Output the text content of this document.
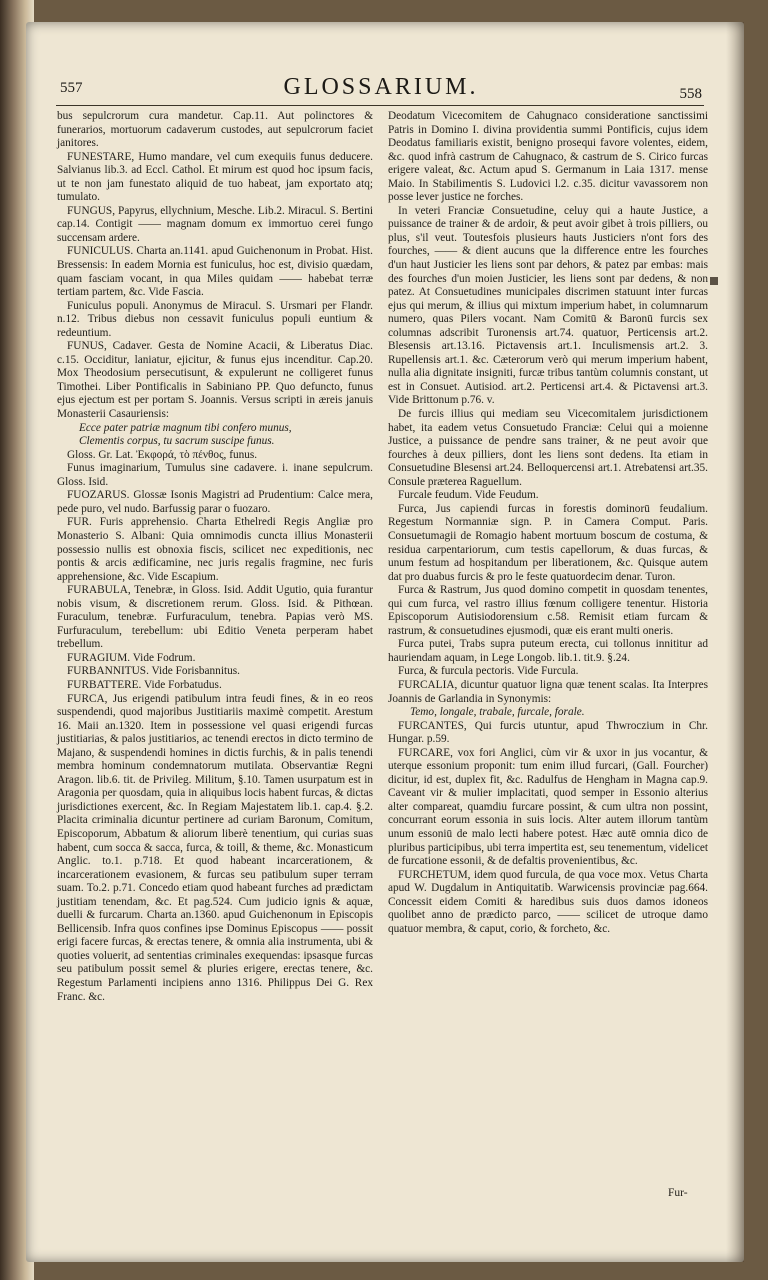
557	GLOSSARIUM.	558

bus sepulcrorum cura mandetur. Cap.11. Aut polinctores & funerarios, mortuorum cadaverum custodes, aut sepulcrorum faciet janitores.

FUNESTARE, Humo mandare, vel cum exequiis funus deducere. Salvianus lib.3. ad Eccl. Cathol. Et mirum est quod hoc ipsum facis, ut te non jam funestato aliquid de tuo habeat, jam exportato atq; tumulato.

FUNGUS, Papyrus, ellychnium, Mesche. Lib.2. Miracul. S. Bertini cap.14. Contigit —— magnam domum ex immortuo cerei fungo succensam ardere.

FUNICULUS. Charta an.1141. apud Guichenonum in Probat. Hist. Bressensis: In eadem Mornia est funiculus, hoc est, divisio quædam, quam fasciam vocant, in qua Miles quidam —— habebat terræ tertiam partem, &c. Vide Fascia.

Funiculus populi. Anonymus de Miracul. S. Ursmari per Flandr. n.12. Tribus diebus non cessavit funiculus populi euntium & redeuntium.

FUNUS, Cadaver. Gesta de Nomine Acacii, & Liberatus Diac. c.15. Occiditur, laniatur, ejicitur, & funus ejus incenditur. Cap.20. Mox Theodosium persecutisunt, & expulerunt ne colligeret funus Timothei. Liber Pontificalis in Sabiniano PP. Quo defuncto, funus ejus ejectum est per portam S. Joannis. Versus scripti in æreis januis Monasterii Casauriensis:

Ecce pater patriæ magnum tibi confero munus,

Clementis corpus, tu sacrum suscipe funus.

Gloss. Gr. Lat. Ἐκφορά, τὸ πένθος, funus.

Funus imaginarium, Tumulus sine cadavere. i. inane sepulcrum. Gloss. Isid.

FUOZARUS. Glossæ Isonis Magistri ad Prudentium: Calce mera, pede puro, vel nudo. Barfussig parar o fuozaro.

FUR. Furis apprehensio. Charta Ethelredi Regis Angliæ pro Monasterio S. Albani: Quia omnimodis cuncta illius Monasterii possessio nullis est obnoxia fiscis, scilicet nec expeditionis, nec pontis & arcis ædificamine, nec juris regalis fragmine, nec furis apprehensione, &c. Vide Escapium.

FURABULA, Tenebræ, in Gloss. Isid. Addit Ugutio, quia furantur nobis visum, & discretionem rerum. Gloss. Isid. & Pithœan. Furaculum, tenebræ. Furfuraculum, tenebra. Papias verò MS. Furfuraculum, terebellum: ubi Editio Veneta perperam habet trebellum.

FURAGIUM. Vide Fodrum.

FURBANNITUS. Vide Forisbannitus.

FURBATTERE. Vide Forbatudus.

FURCA, Jus erigendi patibulum intra feudi fines, & in eo reos suspendendi, quod majoribus Justitiariis maximè competit. Arestum 16. Maii an.1320. Item in possessione vel quasi erigendi furcas justitiarias, & palos justitiarios, ac tenendi erectos in dicto termino de Majano, & suspendendi homines in dictis furchis, & in palis tenendi membra hominum condemnatorum mutilata. Observantiæ Regni Aragon. lib.6. tit. de Privileg. Militum, §.10. Tamen usurpatum est in Aragonia per quosdam, quia in aliquibus locis habent furcas, & dictas jurisdictiones exercent, &c. In Regiam Majestatem lib.1. cap.4. §.2. Placita criminalia dicuntur pertinere ad curiam Baronum, Comitum, Episcoporum, Abbatum & aliorum liberè tenentium, qui curias suas habent, cum socca & sacca, furca, & toill, & theme, &c. Monasticum Anglic. to.1. p.718. Et quod habeant incarcerationem, & incarcerationem evasionem, & furcas seu patibulum super terram suam. To.2. p.71. Concedo etiam quod habeant furches ad prædictam justitiam tenendam, &c. Et pag.524. Cum judicio ignis & aquæ, duelli & furcarum. Charta an.1360. apud Guichenonum in Episcopis Bellicensib. Infra quos confines ipse Dominus Episcopus —— possit erigi facere furcas, & erectas tenere, & omnia alia instrumenta, ubi & quoties voluerit, ad sententias criminales exequendas: ipsasque furcas seu patibulum possit semel & pluries erigere, erectas tenere, &c. Regestum Parlamenti incipiens anno 1316. Philippus Dei G. Rex Franc. &c.

Deodatum Vicecomitem de Cahugnaco consideratione sanctissimi Patris in Domino I. divina providentia summi Pontificis, cujus idem Deodatus familiaris existit, benigno prosequi favore volentes, eidem, &c. quod infrà castrum de Cahugnaco, & castrum de S. Cirico furcas erigere valeat, &c. Actum apud S. Germanum in Laia 1317. mense Maio. In Stabilimentis S. Ludovici l.2. c.35. dicitur vavassorem non posse lever justice ne forches.

In veteri Franciæ Consuetudine, celuy qui a haute Justice, a puissance de trainer & de ardoir, & peut avoir gibet à trois pilliers, ou plus, s'il veut. Toutesfois plusieurs hauts Justiciers n'ont fors des fourches, —— & dient aucuns que la difference entre les fourches d'un haut Justicier les liens sont par dehors, & patez par embas: mais des fourches d'un moien Justicier, les liens sont par dedens, & non patez. At Consuetudines municipales discrimen statuunt inter furcas ejus qui merum, & illius qui mixtum imperium habet, in columnarum numero, quas Pilers vocant. Nam Comitū & Baronū furcis sex columnas adscribit Turonensis art.74. quatuor, Perticensis art.2. Blesensis art.13.16. Pictavensis art.1. Inculismensis art.2. 3. Rupellensis art.1. &c. Cæterorum verò qui merum imperium habent, nulla alia dignitate insigniti, furcæ tribus tantùm columnis constant, ut est in Consuet. Autisiod. art.2. Perticensi art.4. & Pictavensi art.3. Vide Brittonum p.76. v.

De furcis illius qui mediam seu Vicecomitalem jurisdictionem habet, ita eadem vetus Consuetudo Franciæ: Celui qui a moienne Justice, a puissance de pendre sans trainer, & ne peut avoir que fourches à deux pilliers, dont les liens sont dedens. Ita etiam in Consuetudine Blesensi art.24. Belloquercensi art.1. Atrebatensi art.35. Consule præterea Raguellum.

Furcale feudum. Vide Feudum.

Furca, Jus capiendi furcas in forestis dominorū feudalium. Regestum Normanniæ sign. P. in Camera Comput. Paris. Consuetumagii de Romagio habent mortuum boscum de costuma, & residua carpentariorum, cum testis capellorum, & duas furcas, & unum festum ad hospitandum per liberationem, &c. Quisque autem dat pro duabus furcis & pro le feste quatuordecim denar. Turon.

Furca & Rastrum, Jus quod domino competit in quosdam tenentes, qui cum furca, vel rastro illius fœnum colligere tenentur. Historia Episcoporum Autisiodorensium c.58. Remisit etiam furcam & rastrum, & consuetudines ejusmodi, quæ eis erant multi oneris.

Furca putei, Trabs supra puteum erecta, cui tollonus innititur ad hauriendam aquam, in Lege Longob. lib.1. tit.9. §.24.

Furca, & furcula pectoris. Vide Furcula.

FURCALIA, dicuntur quatuor ligna quæ tenent scalas. Ita Interpres Joannis de Garlandia in Synonymis:

Temo, longale, trabale, furcale, forale.

FURCANTES, Qui furcis utuntur, apud Thwroczium in Chr. Hungar. p.59.

FURCARE, vox fori Anglici, cùm vir & uxor in jus vocantur, & uterque essonium proponit: tum enim illud furcari, (Gall. Fourcher) dicitur, id est, duplex fit, &c. Radulfus de Hengham in Magna cap.9. Caveant vir & mulier implacitati, quod semper in Essonio alterius alter compareat, quamdiu furcare possint, & cum ultra non possint, concurrant eorum essonia in suis locis. Alter autem illorum tantùm unum essoniū de malo lecti habere potest. Hæc autē omnia dico de pluribus participibus, ubi terra impertita est, seu tenementum, videlicet de furcatione essonii, & de defaltis provenientibus, &c.

FURCHETUM, idem quod furcula, de qua voce mox. Vetus Charta apud W. Dugdalum in Antiquitatib. Warwicensis provinciæ pag.664. Concessit eidem Comiti & haredibus suis duos damos idoneos quolibet anno de prædicto parco, —— scilicet de utroque damo quatuor membra, & caput, corio, & forcheto, &c.

Fur-
